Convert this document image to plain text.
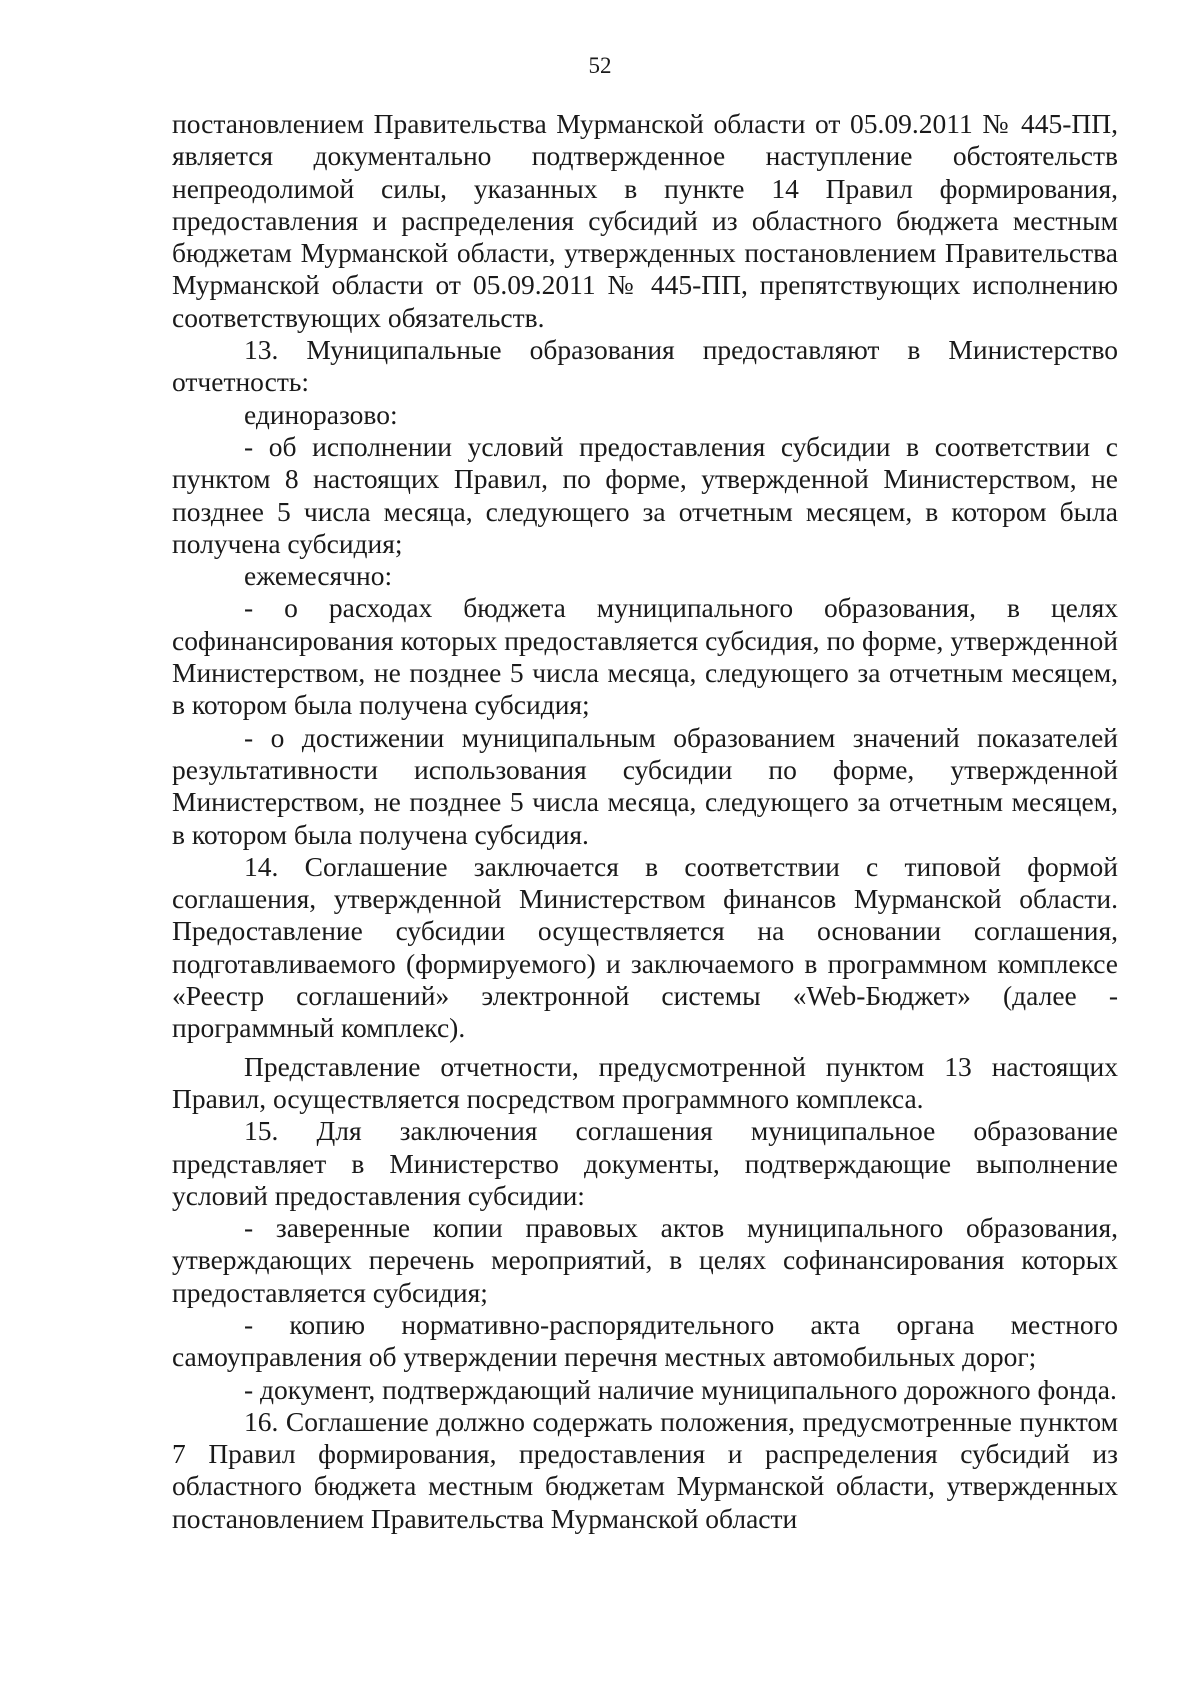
52

постановлением Правительства Мурманской области от 05.09.2011 № 445-ПП, является документально подтвержденное наступление обстоятельств непреодолимой силы, указанных в пункте 14 Правил формирования, предоставления и распределения субсидий из областного бюджета местным бюджетам Мурманской области, утвержденных постановлением Правительства Мурманской области от 05.09.2011 № 445-ПП, препятствующих исполнению соответствующих обязательств.

13. Муниципальные образования предоставляют в Министерство отчетность:

единоразово:

- об исполнении условий предоставления субсидии в соответствии с пунктом 8 настоящих Правил, по форме, утвержденной Министерством, не позднее 5 числа месяца, следующего за отчетным месяцем, в котором была получена субсидия;

ежемесячно:

- о расходах бюджета муниципального образования, в целях софинансирования которых предоставляется субсидия, по форме, утвержденной Министерством, не позднее 5 числа месяца, следующего за отчетным месяцем, в котором была получена субсидия;

- о достижении муниципальным образованием значений показателей результативности использования субсидии по форме, утвержденной Министерством, не позднее 5 числа месяца, следующего за отчетным месяцем, в котором была получена субсидия.

14. Соглашение заключается в соответствии с типовой формой соглашения, утвержденной Министерством финансов Мурманской области. Предоставление субсидии осуществляется на основании соглашения, подготавливаемого (формируемого) и заключаемого в программном комплексе «Реестр соглашений» электронной системы «Web-Бюджет» (далее - программный комплекс).

Представление отчетности, предусмотренной пунктом 13 настоящих Правил, осуществляется посредством программного комплекса.

15. Для заключения соглашения муниципальное образование представляет в Министерство документы, подтверждающие выполнение условий предоставления субсидии:

- заверенные копии правовых актов муниципального образования, утверждающих перечень мероприятий, в целях софинансирования которых предоставляется субсидия;

- копию нормативно-распорядительного акта органа местного самоуправления об утверждении перечня местных автомобильных дорог;

- документ, подтверждающий наличие муниципального дорожного фонда.

16. Соглашение должно содержать положения, предусмотренные пунктом 7 Правил формирования, предоставления и распределения субсидий из областного бюджета местным бюджетам Мурманской области, утвержденных постановлением Правительства Мурманской области
